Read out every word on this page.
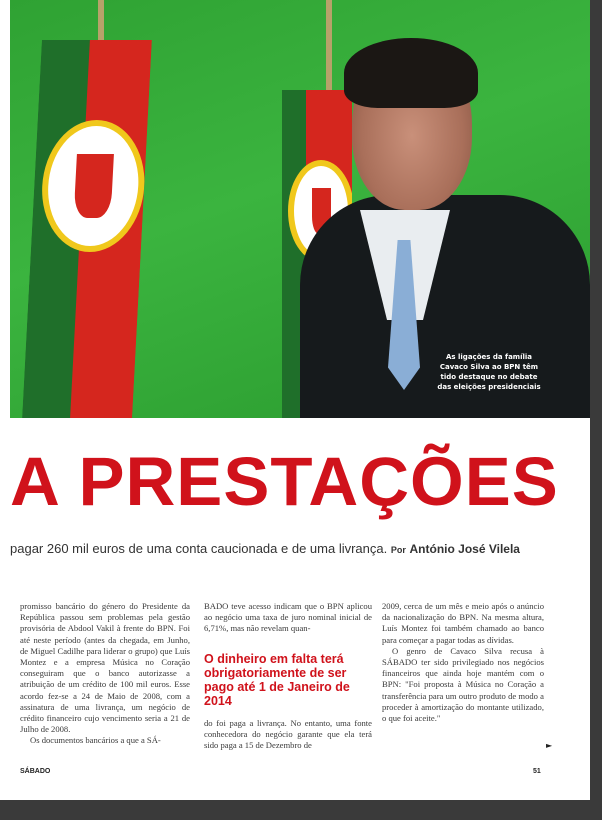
As ligações da família Cavaco Silva ao BPN têm tido destaque no debate das eleições presidenciais
A PRESTAÇÕES
pagar 260 mil euros de uma conta caucionada e de uma livrança. Por António José Vilela
promisso bancário do género do Presidente da República passou sem problemas pela gestão provisória de Abdool Vakil à frente do BPN. Foi até neste período (antes da chegada, em Junho, de Miguel Cadilhe para liderar o grupo) que Luís Montez e a empresa Música no Coração conseguiram que o banco autorizasse a atribuição de um crédito de 100 mil euros. Esse acordo fez-se a 24 de Maio de 2008, com a assinatura de uma livrança, um negócio de crédito financeiro cujo vencimento seria a 21 de Julho de 2008.
Os documentos bancários a que a SÁ-
BADO teve acesso indicam que o BPN aplicou ao negócio uma taxa de juro nominal inicial de 6,71%, mas não revelam quan-
O dinheiro em falta terá obrigatoriamente de ser pago até 1 de Janeiro de 2014
do foi paga a livrança. No entanto, uma fonte conhecedora do negócio garante que ela terá sido paga a 15 de Dezembro de
2009, cerca de um mês e meio após o anúncio da nacionalização do BPN. Na mesma altura, Luís Montez foi também chamado ao banco para começar a pagar todas as dívidas.
O genro de Cavaco Silva recusa à SÁBADO ter sido privilegiado nos negócios financeiros que ainda hoje mantém com o BPN: "Foi proposta à Música no Coração a transferência para um outro produto de modo a proceder à amortização do montante utilizado, o que foi aceite."
►
SÁBADO	51
